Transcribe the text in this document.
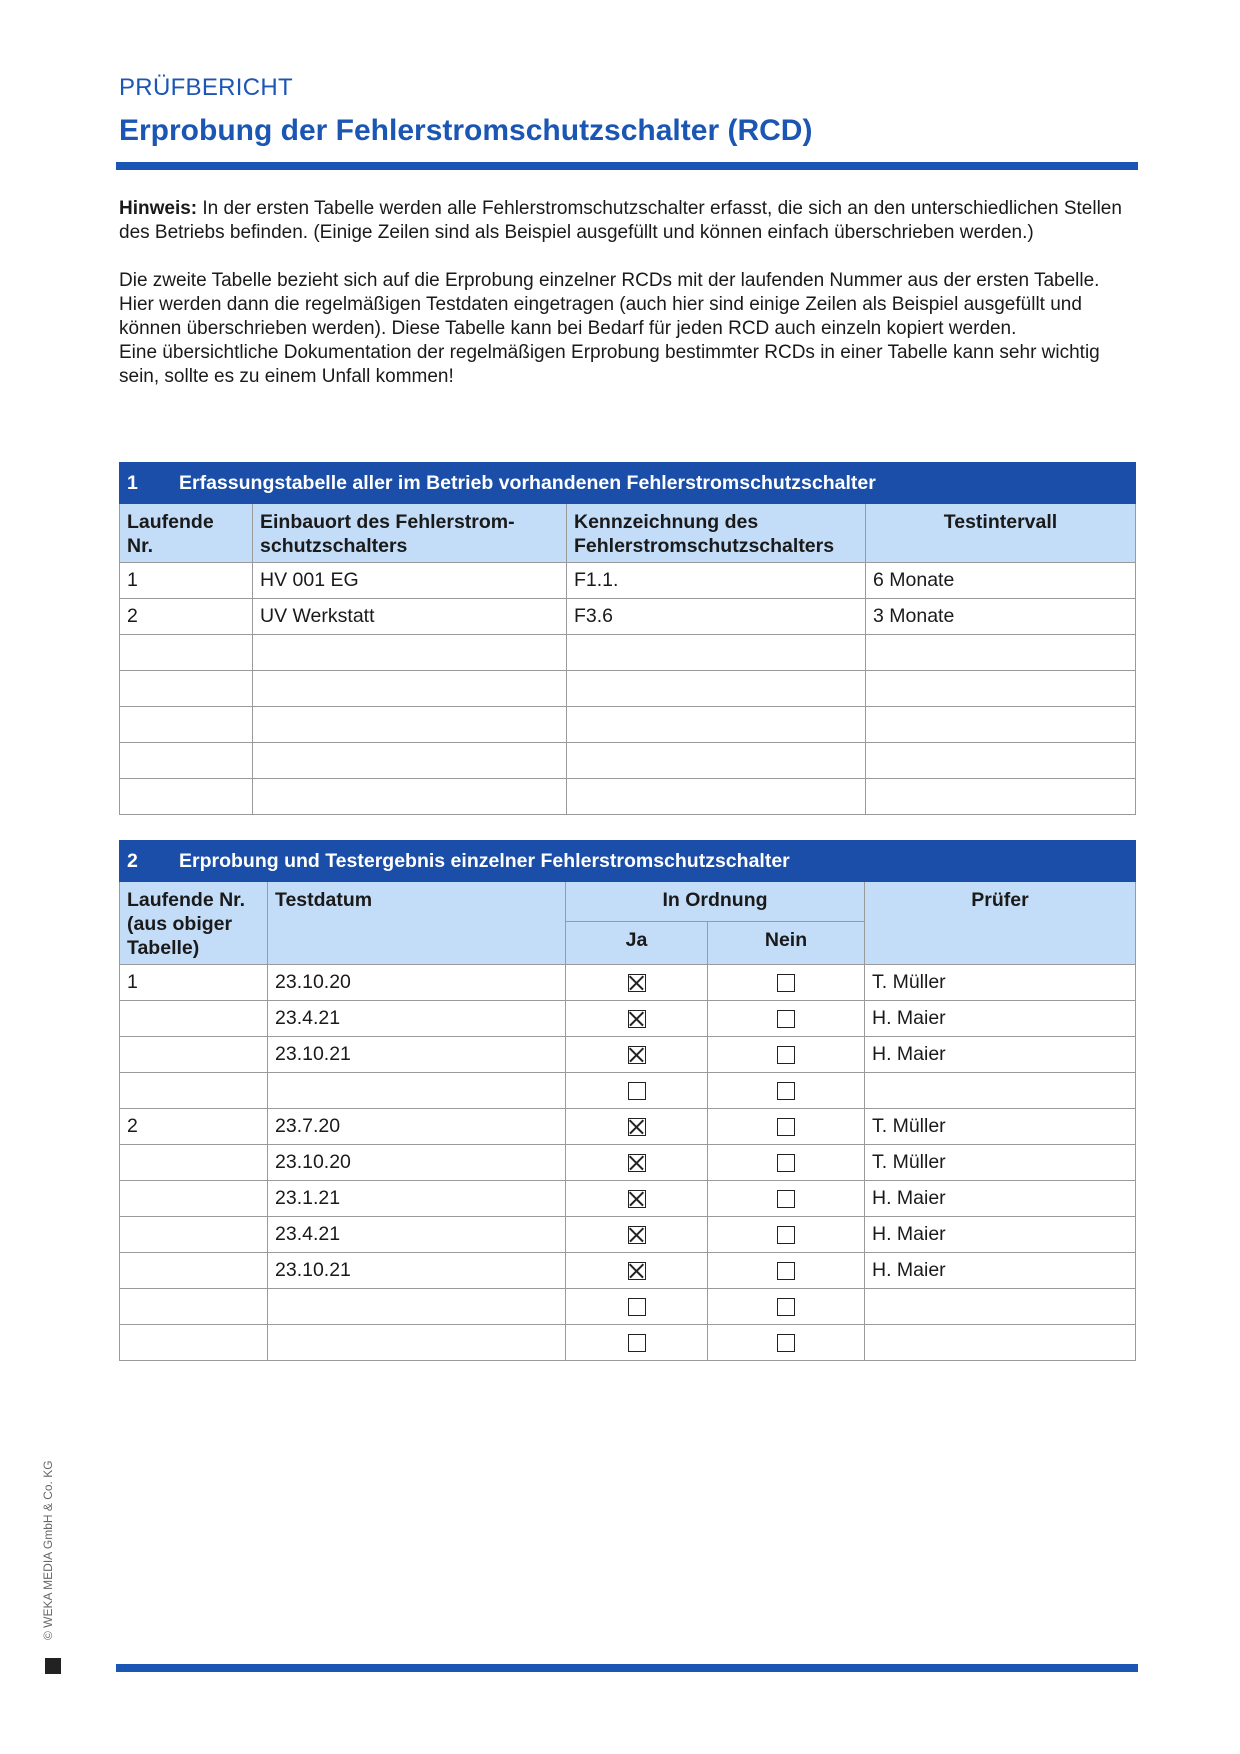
PRÜFBERICHT
Erprobung der Fehlerstromschutzschalter (RCD)

Hinweis: In der ersten Tabelle werden alle Fehlerstromschutzschalter erfasst, die sich an den unterschiedlichen Stellen des Betriebs befinden. (Einige Zeilen sind als Beispiel ausgefüllt und können einfach überschrieben werden.)

Die zweite Tabelle bezieht sich auf die Erprobung einzelner RCDs mit der laufenden Nummer aus der ersten Tabelle. Hier werden dann die regelmäßigen Testdaten eingetragen (auch hier sind einige Zeilen als Beispiel ausgefüllt und können überschrieben werden). Diese Tabelle kann bei Bedarf für jeden RCD auch einzeln kopiert werden.

Eine übersichtliche Dokumentation der regelmäßigen Erprobung bestimmter RCDs in einer Tabelle kann sehr wichtig sein, sollte es zu einem Unfall kommen!

1 Erfassungstabelle aller im Betrieb vorhandenen Fehlerstromschutzschalter			
Laufende Nr.	Einbauort des Fehlerstrom-schutzschalters	Kennzeichnung des Fehlerstromschutzschalters	Testintervall
1	HV 001 EG	F1.1.	6 Monate
2	UV Werkstatt	F3.6	3 Monate

2 Erprobung und Testergebnis einzelner Fehlerstromschutzschalter				
Laufende Nr. (aus obiger Tabelle)	Testdatum	In Ordnung		Prüfer
		Ja	Nein	
1	23.10.20			T. Müller
	23.4.21			H. Maier
	23.10.21			H. Maier

2	23.7.20			T. Müller
	23.10.20			T. Müller
	23.1.21			H. Maier
	23.4.21			H. Maier
	23.10.21			H. Maier

© WEKA MEDIA GmbH & Co. KG
